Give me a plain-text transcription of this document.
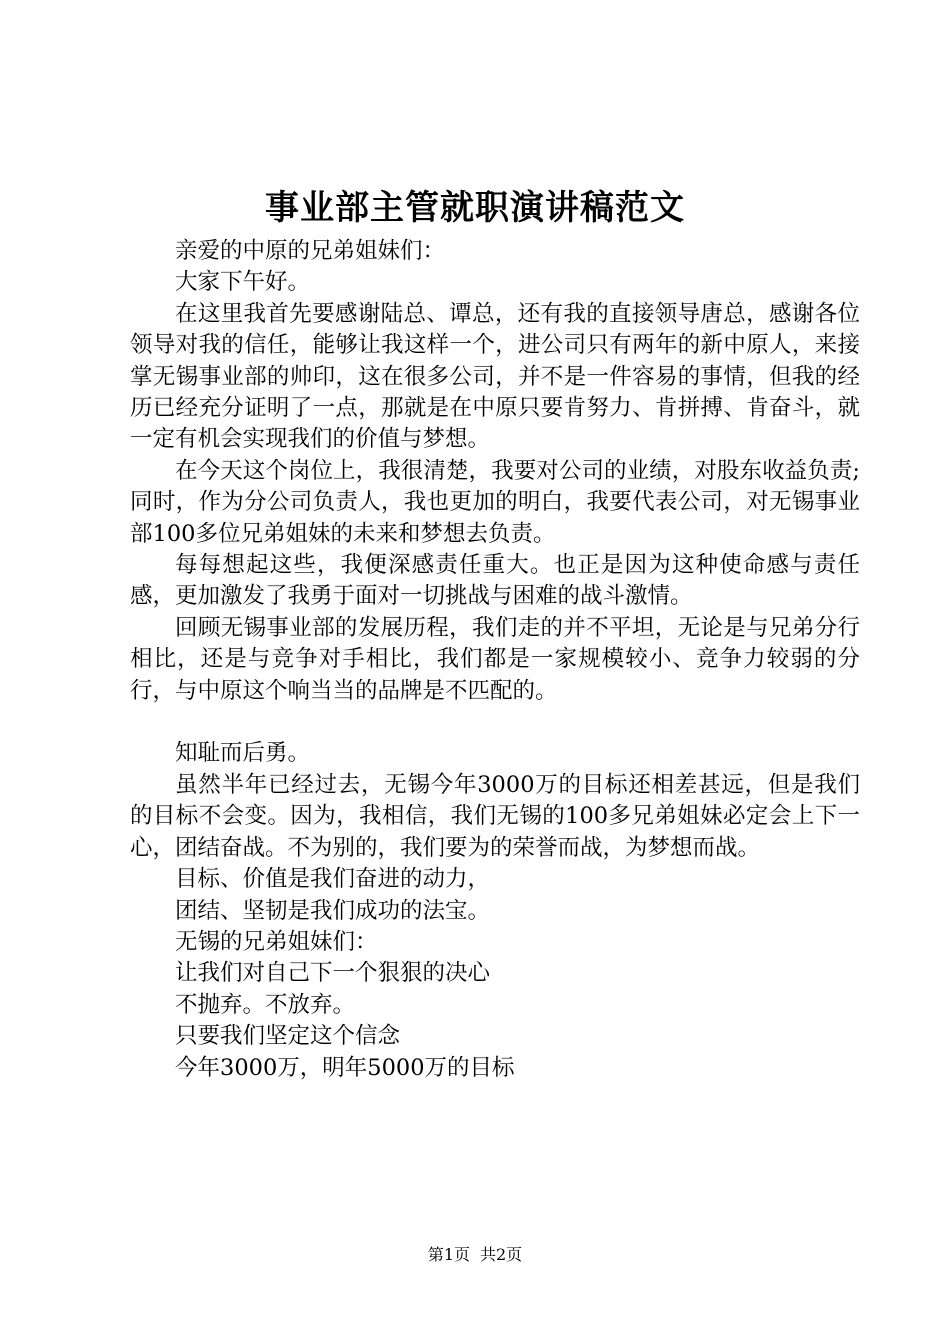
事业部主管就职演讲稿范文

亲爱的中原的兄弟姐妹们：

大家下午好。

在这里我首先要感谢陆总、谭总，还有我的直接领导唐总，感谢各位领导对我的信任，能够让我这样一个，进公司只有两年的新中原人，来接掌无锡事业部的帅印，这在很多公司，并不是一件容易的事情，但我的经历已经充分证明了一点，那就是在中原只要肯努力、肯拼搏、肯奋斗，就一定有机会实现我们的价值与梦想。

在今天这个岗位上，我很清楚，我要对公司的业绩，对股东收益负责;同时，作为分公司负责人，我也更加的明白，我要代表公司，对无锡事业部100多位兄弟姐妹的未来和梦想去负责。

每每想起这些，我便深感责任重大。也正是因为这种使命感与责任感，更加激发了我勇于面对一切挑战与困难的战斗激情。

回顾无锡事业部的发展历程，我们走的并不平坦，无论是与兄弟分行相比，还是与竞争对手相比，我们都是一家规模较小、竞争力较弱的分行，与中原这个响当当的品牌是不匹配的。

知耻而后勇。

虽然半年已经过去，无锡今年3000万的目标还相差甚远，但是我们的目标不会变。因为，我相信，我们无锡的100多兄弟姐妹必定会上下一心，团结奋战。不为别的，我们要为的荣誉而战，为梦想而战。

目标、价值是我们奋进的动力，

团结、坚韧是我们成功的法宝。

无锡的兄弟姐妹们：

让我们对自己下一个狠狠的决心

不抛弃。不放弃。

只要我们坚定这个信念

今年3000万，明年5000万的目标

第1页 共2页
